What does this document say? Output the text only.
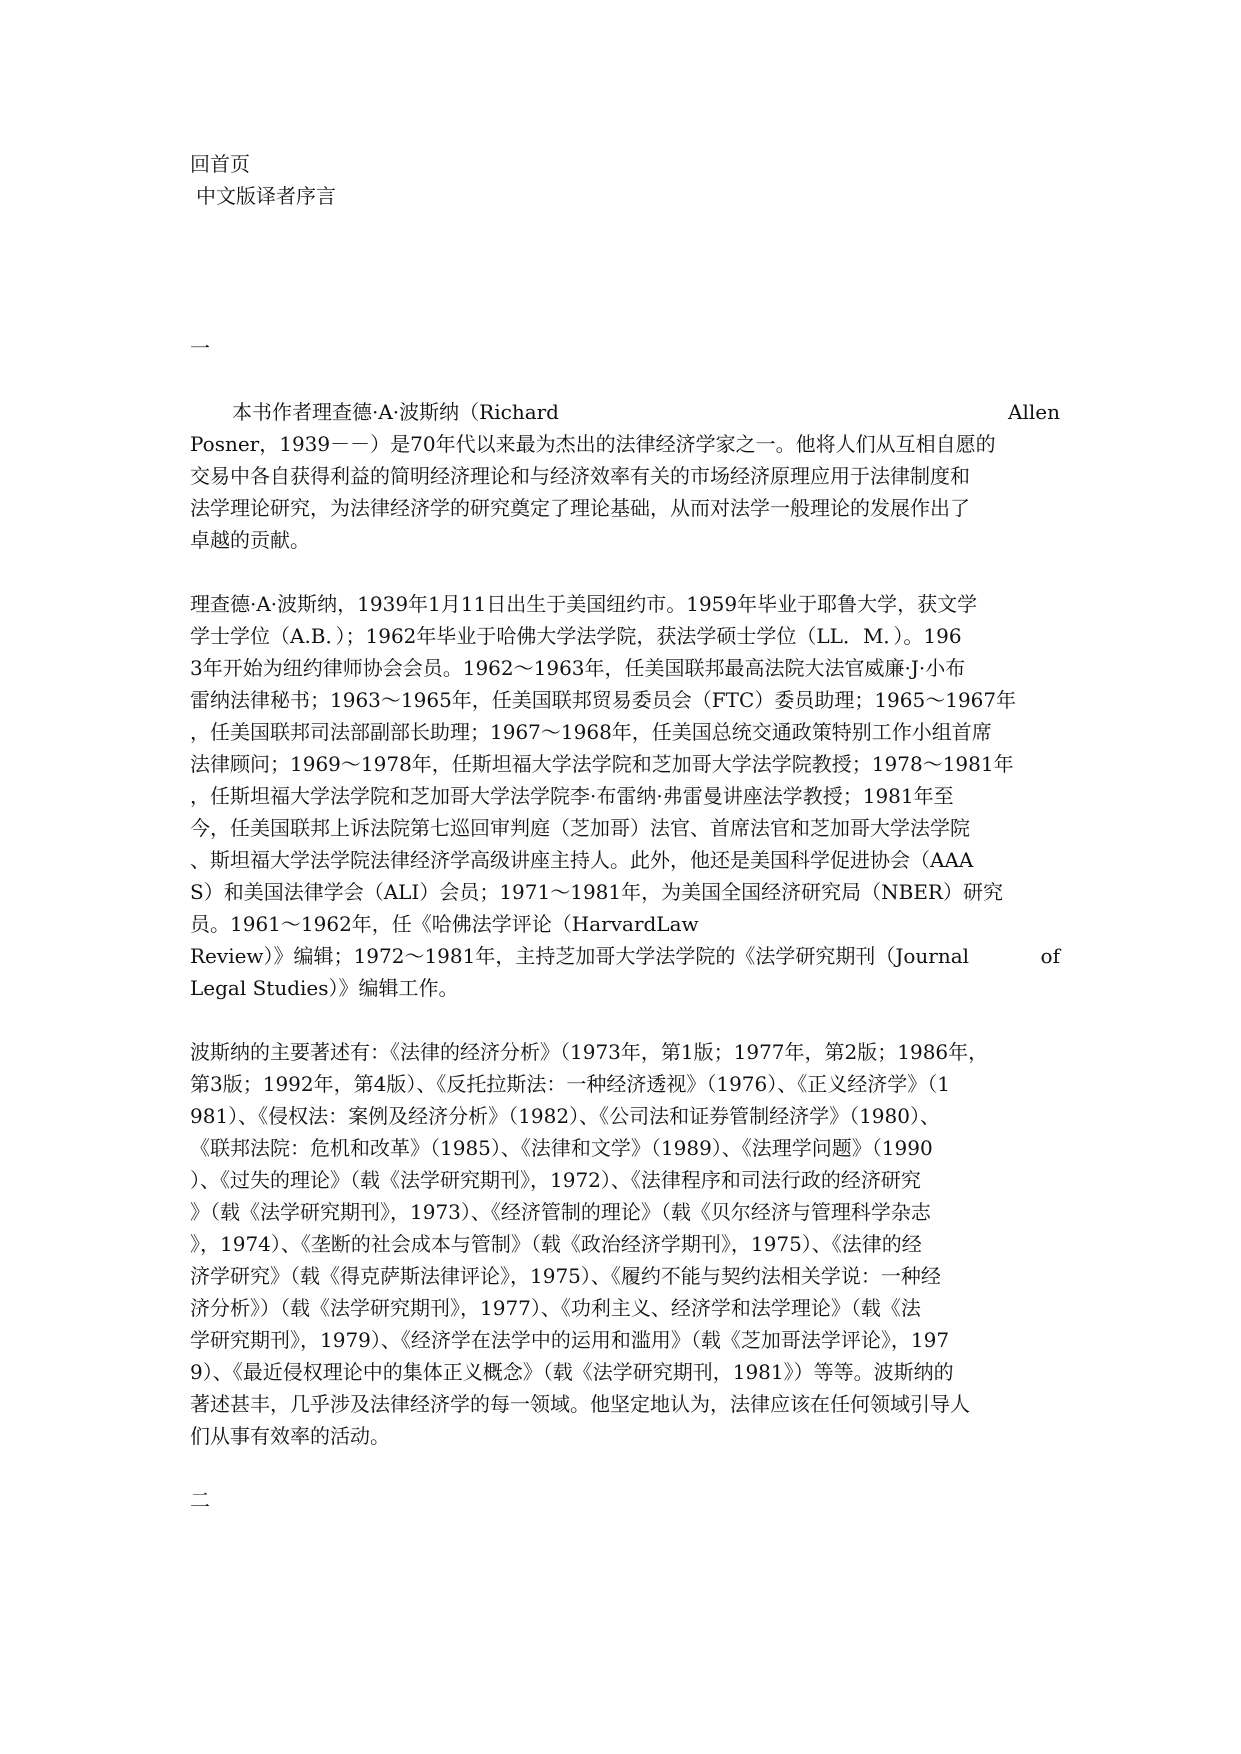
回首页
中文版译者序言
一
本书作者理查德·A·波斯纳（Richard	Allen
Posner，1939－－）是70年代以来最为杰出的法律经济学家之一。他将人们从互相自愿的
交易中各自获得利益的简明经济理论和与经济效率有关的市场经济原理应用于法律制度和
法学理论研究，为法律经济学的研究奠定了理论基础，从而对法学一般理论的发展作出了
卓越的贡献。
理查德·A·波斯纳，1939年1月11日出生于美国纽约市。1959年毕业于耶鲁大学，获文学
学士学位（A.B．）；1962年毕业于哈佛大学法学院，获法学硕士学位（LL．M．）。196
3年开始为纽约律师协会会员。1962～1963年，任美国联邦最高法院大法官威廉·J·小布
雷纳法律秘书；1963～1965年，任美国联邦贸易委员会（FTC）委员助理；1965～1967年
，任美国联邦司法部副部长助理；1967～1968年，任美国总统交通政策特别工作小组首席
法律顾问；1969～1978年，任斯坦福大学法学院和芝加哥大学法学院教授；1978～1981年
，任斯坦福大学法学院和芝加哥大学法学院李·布雷纳·弗雷曼讲座法学教授；1981年至
今，任美国联邦上诉法院第七巡回审判庭（芝加哥）法官、首席法官和芝加哥大学法学院
、斯坦福大学法学院法律经济学高级讲座主持人。此外，他还是美国科学促进协会（AAA
S）和美国法律学会（ALI）会员；1971～1981年，为美国全国经济研究局（NBER）研究
员。1961～1962年，任《哈佛法学评论（HarvardLaw
Review）》编辑；1972～1981年，主持芝加哥大学法学院的《法学研究期刊（Journal	of
Legal Studies）》编辑工作。
波斯纳的主要著述有：《法律的经济分析》（1973年，第1版；1977年，第2版；1986年，
第3版；1992年，第4版）、《反托拉斯法：一种经济透视》（1976）、《正义经济学》（1
981）、《侵权法：案例及经济分析》（1982）、《公司法和证券管制经济学》（1980）、
《联邦法院：危机和改革》（1985）、《法律和文学》（1989）、《法理学问题》（1990
）、《过失的理论》（载《法学研究期刊》，1972）、《法律程序和司法行政的经济研究
》（载《法学研究期刊》，1973）、《经济管制的理论》（载《贝尔经济与管理科学杂志
》，1974）、《垄断的社会成本与管制》（载《政治经济学期刊》，1975）、《法律的经
济学研究》（载《得克萨斯法律评论》，1975）、《履约不能与契约法相关学说：一种经
济分析》）（载《法学研究期刊》，1977）、《功利主义、经济学和法学理论》（载《法
学研究期刊》，1979）、《经济学在法学中的运用和滥用》（载《芝加哥法学评论》，197
9）、《最近侵权理论中的集体正义概念》（载《法学研究期刊，1981》）等等。波斯纳的
著述甚丰，几乎涉及法律经济学的每一领域。他坚定地认为，法律应该在任何领域引导人
们从事有效率的活动。
二
